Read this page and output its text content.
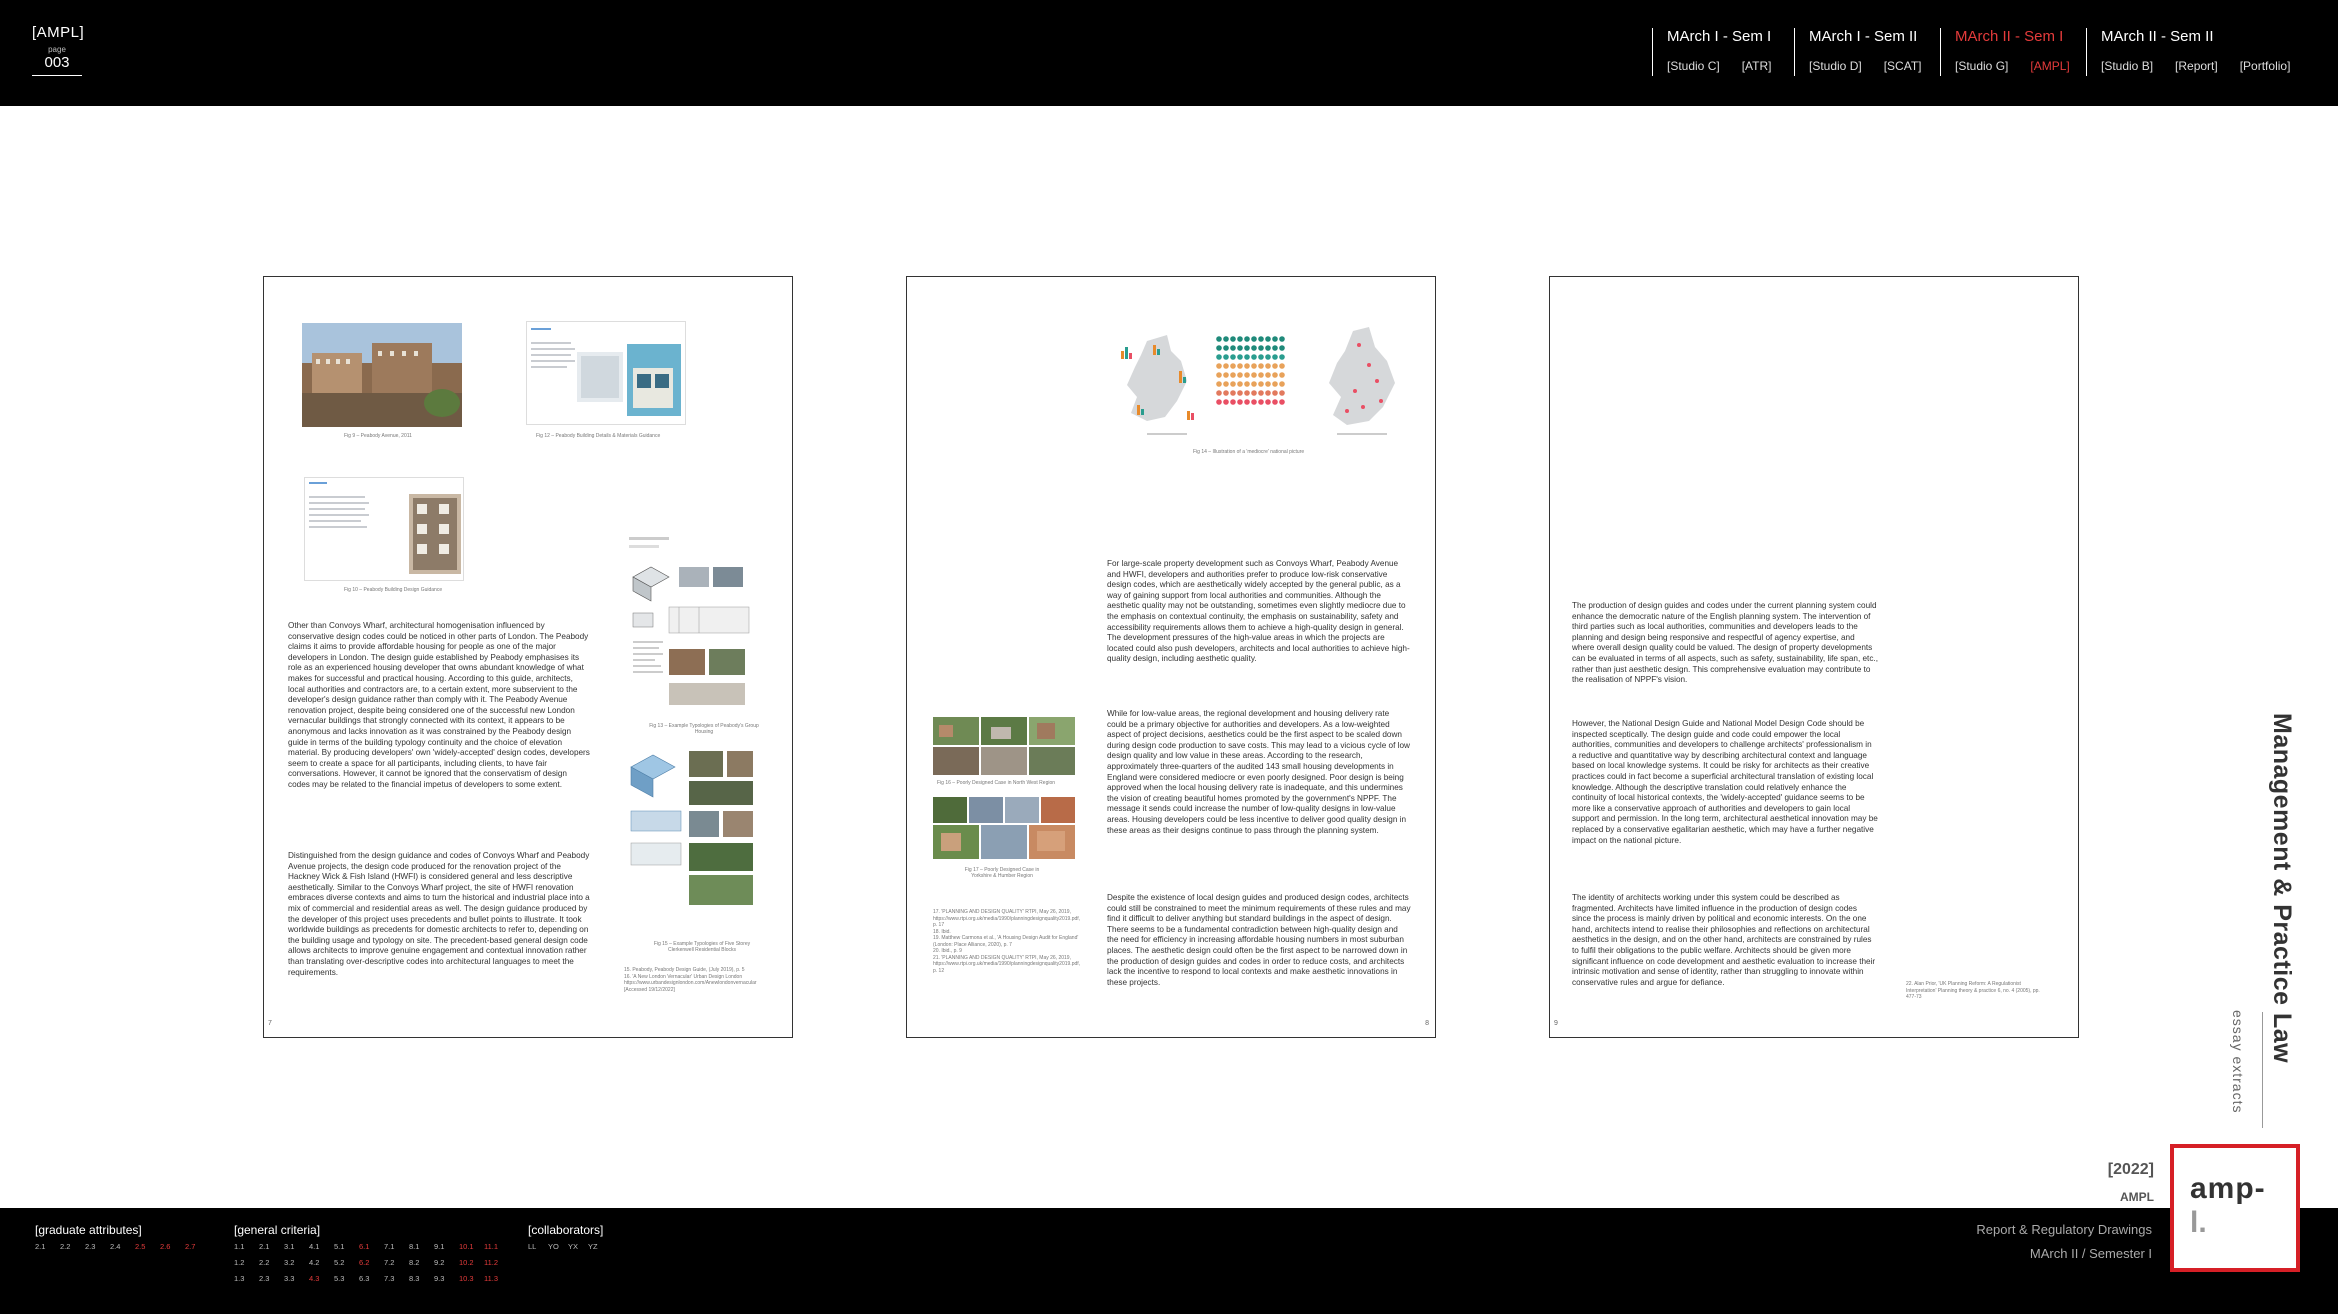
[AMPL]
page
003
MArch I - Sem I
[Studio C] [ATR]
MArch I - Sem II
[Studio D] [SCAT]
MArch II - Sem I
[Studio G] [AMPL]
MArch II - Sem II
[Studio B] [Report] [Portfolio]
Fig 9 – Peabody Avenue, 2011	Fig 12 – Peabody Building Details & Materials Guidance
Fig 10 – Peabody Building Design Guidance
Fig 13 – Example Typologies of Peabody's Group Housing
Fig 15 – Example Typologies of Five Storey Clerkenwell Residential Blocks
Other than Convoys Wharf, architectural homogenisation influenced by conservative design codes could be noticed in other parts of London. The Peabody claims it aims to provide affordable housing for people as one of the major developers in London. The design guide established by Peabody emphasises its role as an experienced housing developer that owns abundant knowledge of what makes for successful and practical housing. According to this guide, architects, local authorities and contractors are, to a certain extent, more subservient to the developer's design guidance rather than comply with it. The Peabody Avenue renovation project, despite being considered one of the successful new London vernacular buildings that strongly connected with its context, it appears to be anonymous and lacks innovation as it was constrained by the Peabody design guide in terms of the building typology continuity and the choice of elevation material. By producing developers' own 'widely-accepted' design codes, developers seem to create a space for all participants, including clients, to have fair conversations. However, it cannot be ignored that the conservatism of design codes may be related to the financial impetus of developers to some extent.
Distinguished from the design guidance and codes of Convoys Wharf and Peabody Avenue projects, the design code produced for the renovation project of the Hackney Wick & Fish Island (HWFI) is considered general and less descriptive aesthetically. Similar to the Convoys Wharf project, the site of HWFI renovation embraces diverse contexts and aims to turn the historical and industrial place into a mix of commercial and residential areas as well. The design guidance produced by the developer of this project uses precedents and bullet points to illustrate. It took worldwide buildings as precedents for domestic architects to refer to, depending on the building usage and typology on site. The precedent-based general design code allows architects to improve genuine engagement and contextual innovation rather than translating over-descriptive codes into architectural languages to meet the requirements.	15. Peabody, Peabody Design Guide, (July 2019), p. 5
16. 'A New London Vernacular' Urban Design London https://www.urbandesignlondon.com/Anewlondonvernacular [Accessed 19/12/2022]
7
Fig 14 – Illustration of a 'mediocre' national picture
For large-scale property development such as Convoys Wharf, Peabody Avenue and HWFI, developers and authorities prefer to produce low-risk conservative design codes, which are aesthetically widely accepted by the general public, as a way of gaining support from local authorities and communities. Although the aesthetic quality may not be outstanding, sometimes even slightly mediocre due to the emphasis on contextual continuity, the emphasis on sustainability, safety and accessibility requirements allows them to achieve a high-quality design in general. The development pressures of the high-value areas in which the projects are located could also push developers, architects and local authorities to achieve high-quality design, including aesthetic quality.
While for low-value areas, the regional development and housing delivery rate could be a primary objective for authorities and developers. As a low-weighted aspect of project decisions, aesthetics could be the first aspect to be scaled down during design code production to save costs. This may lead to a vicious cycle of low design quality and low value in these areas. According to the research, approximately three-quarters of the audited 143 small housing developments in England were considered mediocre or even poorly designed. Poor design is being approved when the local housing delivery rate is inadequate, and this undermines the vision of creating beautiful homes promoted by the government's NPPF. The message it sends could increase the number of low-quality designs in low-value areas. Housing developers could be less incentive to deliver good quality design in these areas as their designs continue to pass through the planning system.
Despite the existence of local design guides and produced design codes, architects could still be constrained to meet the minimum requirements of these rules and may find it difficult to deliver anything but standard buildings in the aspect of design. There seems to be a fundamental contradiction between high-quality design and the need for efficiency in increasing affordable housing numbers in most suburban places. The aesthetic design could often be the first aspect to be narrowed down in the production of design guides and codes in order to reduce costs, and architects lack the incentive to respond to local contexts and make aesthetic innovations in these projects.
Fig 16 – Poorly Designed Case in North West Region
Fig 17 – Poorly Designed Case in Yorkshire & Humber Region
17. 'PLANNING AND DESIGN QUALITY' RTPI, May 26, 2019, https://www.rtpi.org.uk/media/1990/planningdesignquality2019.pdf, p. 17
18. Ibid.
19. Matthew Carmona et al., 'A Housing Design Audit for England' (London: Place Alliance, 2020), p. 7
20. Ibid., p. 9
21. 'PLANNING AND DESIGN QUALITY' RTPI, May 26, 2019, https://www.rtpi.org.uk/media/1990/planningdesignquality2019.pdf, p. 12
8
The production of design guides and codes under the current planning system could enhance the democratic nature of the English planning system. The intervention of third parties such as local authorities, communities and developers leads to the planning and design being responsive and respectful of agency expertise, and where overall design quality could be valued. The design of property developments can be evaluated in terms of all aspects, such as safety, sustainability, life span, etc., rather than just aesthetic design. This comprehensive evaluation may contribute to the realisation of NPPF's vision.
However, the National Design Guide and National Model Design Code should be inspected sceptically. The design guide and code could empower the local authorities, communities and developers to challenge architects' professionalism in a reductive and quantitative way by describing architectural context and language based on local knowledge systems. It could be risky for architects as their creative practices could in fact become a superficial architectural translation of existing local knowledge. Although the descriptive translation could relatively enhance the continuity of local historical contexts, the 'widely-accepted' guidance seems to be more like a conservative approach of authorities and developers to gain local support and permission. In the long term, architectural aesthetical innovation may be replaced by a conservative egalitarian aesthetic, which may have a further negative impact on the national picture.
The identity of architects working under this system could be described as fragmented. Architects have limited influence in the production of design codes since the process is mainly driven by political and economic interests. On the one hand, architects intend to realise their philosophies and reflections on architectural aesthetics in the design, and on the other hand, architects are constrained by rules to fulfil their obligations to the public welfare. Architects should be given more significant influence on code development and aesthetic evaluation to increase their intrinsic motivation and sense of identity, rather than struggling to innovate within conservative rules and argue for defiance.	22. Alan Prior, 'UK Planning Reform: A Regulationist Interpretation' Planning theory & practice 6, no. 4 (2005), pp. 477-73
9	Management & Practice Law
essay extracts
[2022]
AMPL
[graduate attributes]
2.1 2.2 2.3 2.4 2.5 2.6 2.7
[general criteria]
1.1 2.1 3.1 4.1 5.1 6.1 7.1 8.1 9.1 10.1 11.1
1.2 2.2 3.2 4.2 5.2 6.2 7.2 8.2 9.2 10.2 11.2
1.3 2.3 3.3 4.3 5.3 6.3 7.3 8.3 9.3 10.3 11.3
[collaborators]
LL YO YX YZ
Report & Regulatory Drawings
MArch II / Semester I
amp-
l.
